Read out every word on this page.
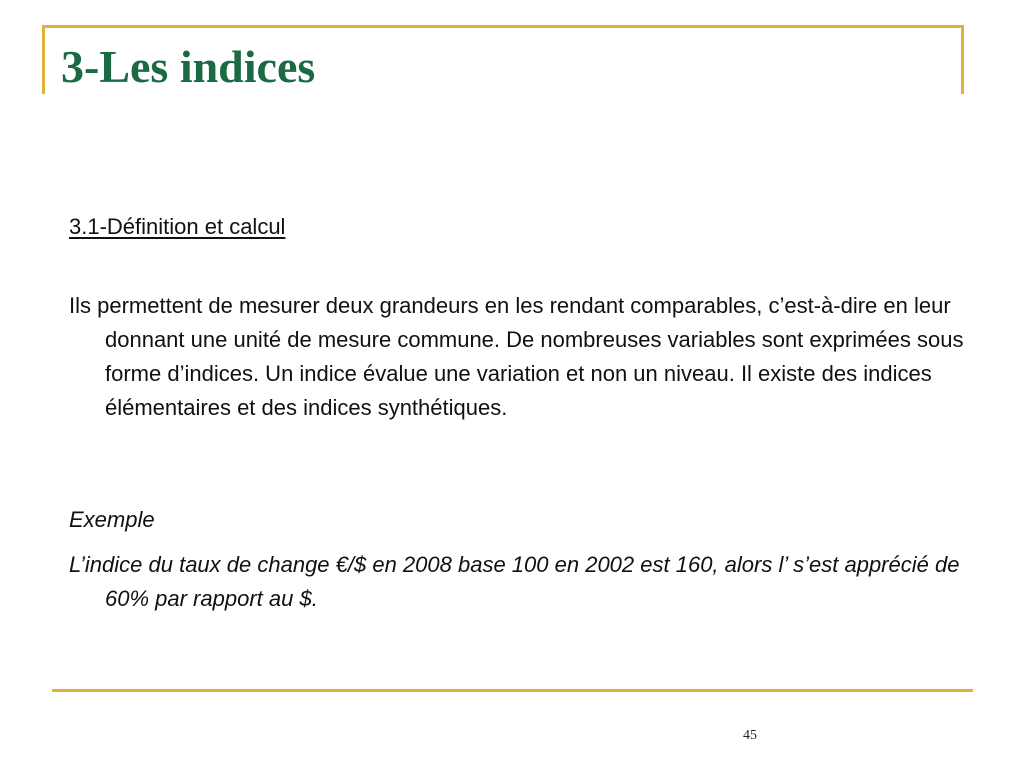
3-Les indices

3.1-Définition et calcul

Ils permettent de mesurer deux grandeurs en les rendant comparables, c’est-à-dire en leur donnant une unité de mesure commune. De nombreuses variables sont exprimées sous forme d’indices. Un indice évalue une variation et non un niveau. Il existe des indices élémentaires et des indices synthétiques.

Exemple

L’indice du taux de change €/$ en 2008 base 100 en 2002 est 160, alors l’ s’est apprécié de 60% par rapport au $.

45
